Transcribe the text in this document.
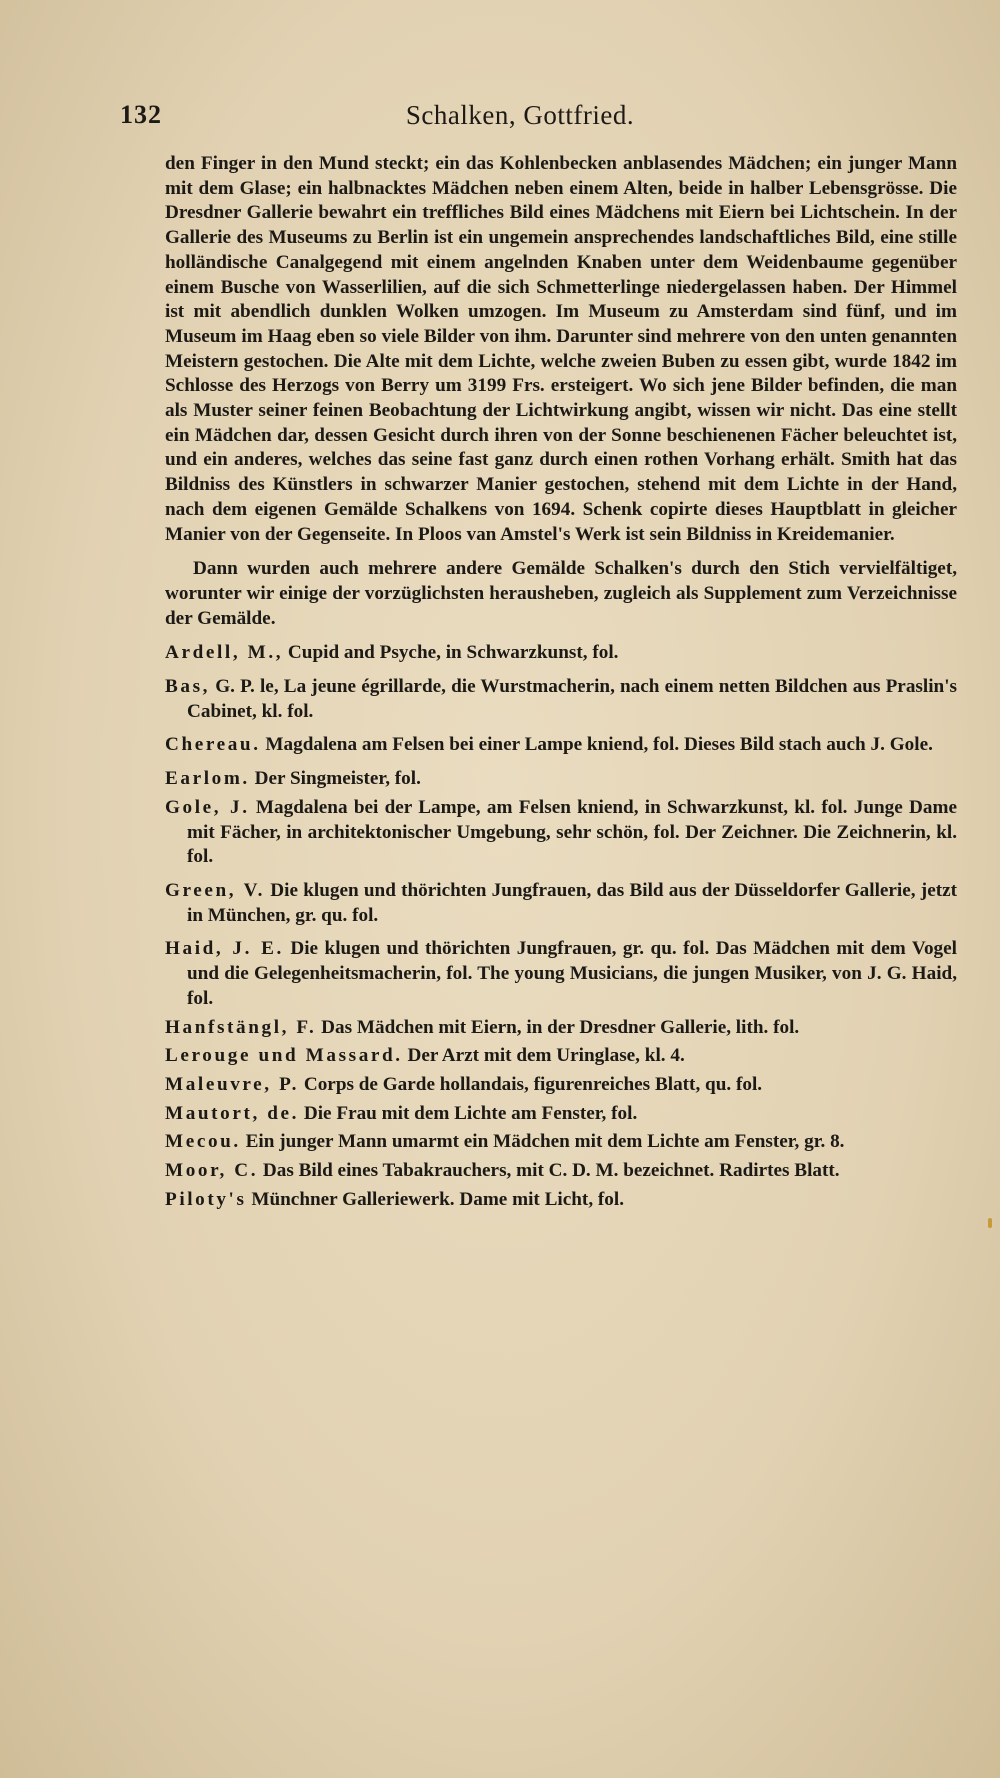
132	Schalken, Gottfried.

den Finger in den Mund steckt; ein das Kohlenbecken anblasendes Mädchen; ein junger Mann mit dem Glase; ein halbnacktes Mädchen neben einem Alten, beide in halber Lebensgrösse. Die Dresdner Gallerie bewahrt ein treffliches Bild eines Mädchens mit Eiern bei Lichtschein. In der Gallerie des Museums zu Berlin ist ein ungemein ansprechendes landschaftliches Bild, eine stille holländische Canalgegend mit einem angelnden Knaben unter dem Weidenbaume gegenüber einem Busche von Wasserlilien, auf die sich Schmetterlinge niedergelassen haben. Der Himmel ist mit abendlich dunklen Wolken umzogen. Im Museum zu Amsterdam sind fünf, und im Museum im Haag eben so viele Bilder von ihm. Darunter sind mehrere von den unten genannten Meistern gestochen. Die Alte mit dem Lichte, welche zweien Buben zu essen gibt, wurde 1842 im Schlosse des Herzogs von Berry um 3199 Frs. ersteigert. Wo sich jene Bilder befinden, die man als Muster seiner feinen Beobachtung der Lichtwirkung angibt, wissen wir nicht. Das eine stellt ein Mädchen dar, dessen Gesicht durch ihren von der Sonne beschienenen Fächer beleuchtet ist, und ein anderes, welches das seine fast ganz durch einen rothen Vorhang erhält. Smith hat das Bildniss des Künstlers in schwarzer Manier gestochen, stehend mit dem Lichte in der Hand, nach dem eigenen Gemälde Schalkens von 1694. Schenk copirte dieses Hauptblatt in gleicher Manier von der Gegenseite. In Ploos van Amstel's Werk ist sein Bildniss in Kreidemanier.

Dann wurden auch mehrere andere Gemälde Schalken's durch den Stich vervielfältiget, worunter wir einige der vorzüglichsten herausheben, zugleich als Supplement zum Verzeichnisse der Gemälde.

Ardell, M., Cupid and Psyche, in Schwarzkunst, fol.
Bas, G. P. le, La jeune égrillarde, die Wurstmacherin, nach einem netten Bildchen aus Praslin's Cabinet, kl. fol.
Chereau. Magdalena am Felsen bei einer Lampe kniend, fol. Dieses Bild stach auch J. Gole.
Earlom. Der Singmeister, fol.
Gole, J. Magdalena bei der Lampe, am Felsen kniend, in Schwarzkunst, kl. fol. Junge Dame mit Fächer, in architektonischer Umgebung, sehr schön, fol. Der Zeichner. Die Zeichnerin, kl. fol.
Green, V. Die klugen und thörichten Jungfrauen, das Bild aus der Düsseldorfer Gallerie, jetzt in München, gr. qu. fol.
Haid, J. E. Die klugen und thörichten Jungfrauen, gr. qu. fol. Das Mädchen mit dem Vogel und die Gelegenheitsmacherin, fol. The young Musicians, die jungen Musiker, von J. G. Haid, fol.
Hanfstängl, F. Das Mädchen mit Eiern, in der Dresdner Gallerie, lith. fol.
Lerouge und Massard. Der Arzt mit dem Uringlase, kl. 4.
Maleuvre, P. Corps de Garde hollandais, figurenreiches Blatt, qu. fol.
Mautort, de. Die Frau mit dem Lichte am Fenster, fol.
Mecou. Ein junger Mann umarmt ein Mädchen mit dem Lichte am Fenster, gr. 8.
Moor, C. Das Bild eines Tabakrauchers, mit C. D. M. bezeichnet. Radirtes Blatt.
Piloty's Münchner Galleriewerk. Dame mit Licht, fol.
